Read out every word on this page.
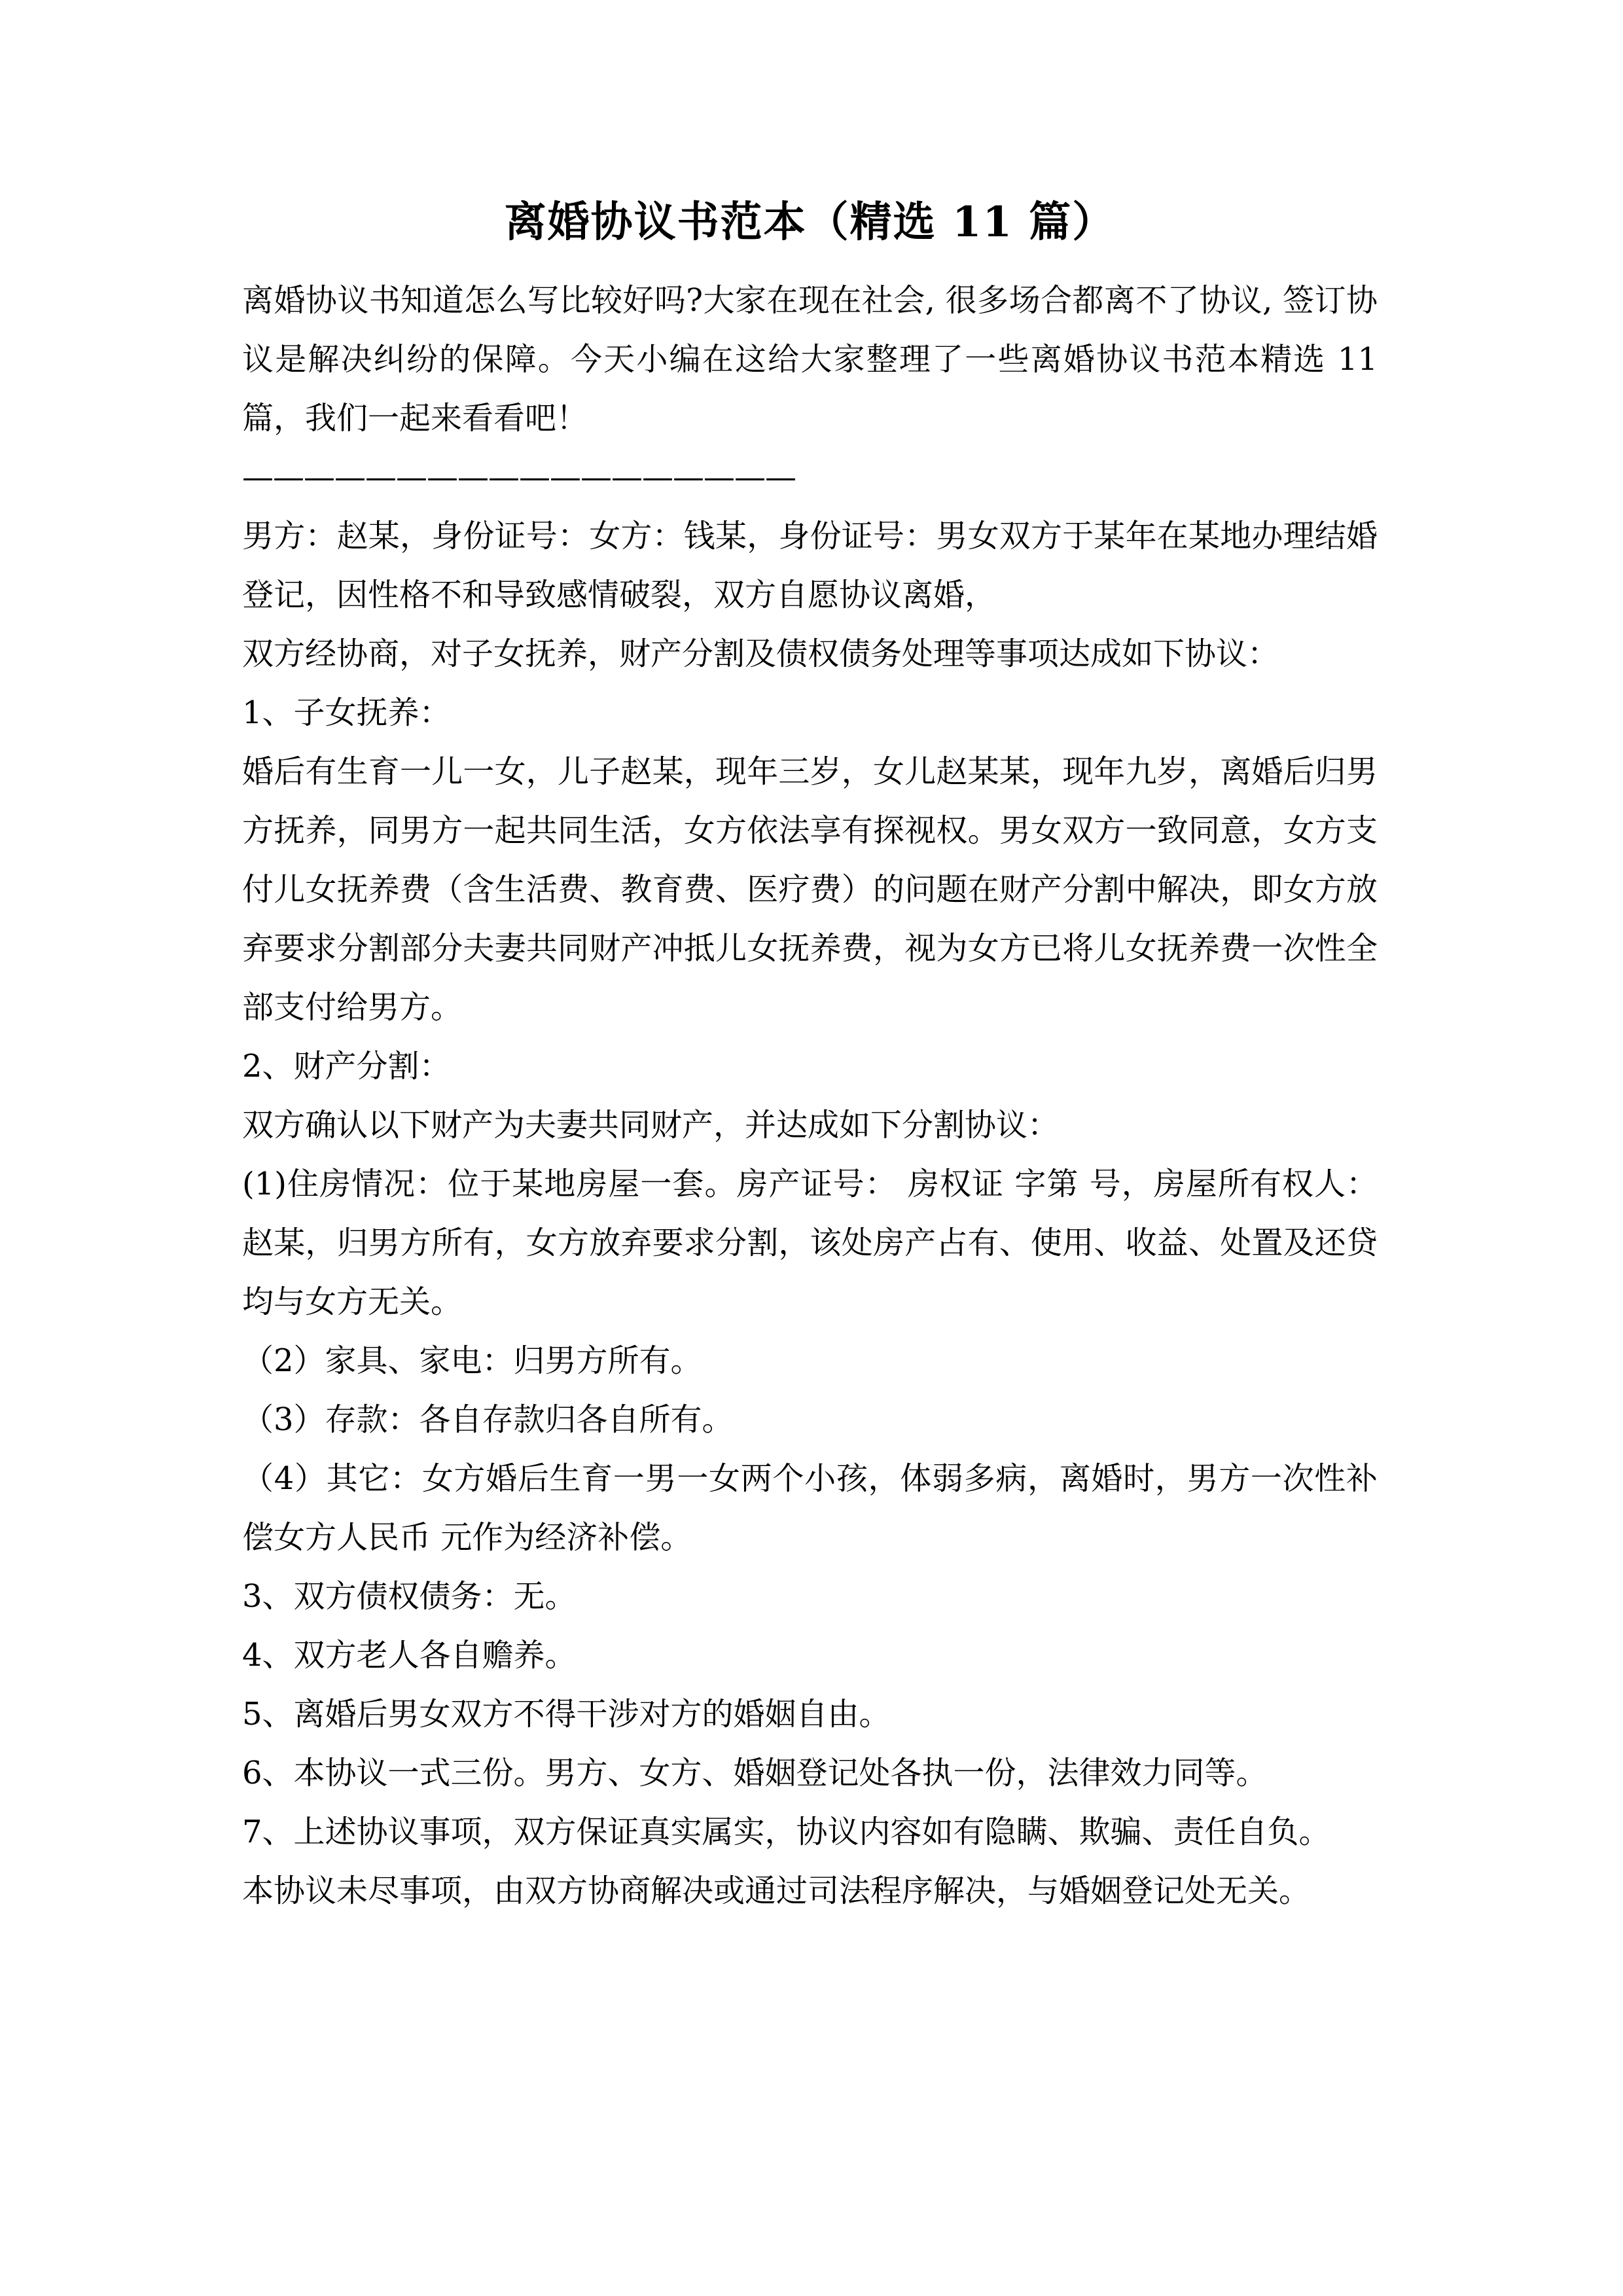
离婚协议书范本（精选 11 篇）

离婚协议书知道怎么写比较好吗?大家在现在社会, 很多场合都离不了协议, 签订协议是解决纠纷的保障。今天小编在这给大家整理了一些离婚协议书范本精选 11 篇，我们一起来看看吧！

——————————————————

男方：赵某，身份证号：女方：钱某，身份证号：男女双方于某年在某地办理结婚登记，因性格不和导致感情破裂，双方自愿协议离婚，

双方经协商，对子女抚养，财产分割及债权债务处理等事项达成如下协议：

1、子女抚养：

婚后有生育一儿一女，儿子赵某，现年三岁，女儿赵某某，现年九岁，离婚后归男方抚养，同男方一起共同生活，女方依法享有探视权。男女双方一致同意，女方支付儿女抚养费（含生活费、教育费、医疗费）的问题在财产分割中解决，即女方放弃要求分割部分夫妻共同财产冲抵儿女抚养费，视为女方已将儿女抚养费一次性全部支付给男方。

2、财产分割：

双方确认以下财产为夫妻共同财产，并达成如下分割协议：

(1)住房情况：位于某地房屋一套。房产证号： 房权证 字第 号，房屋所有权人：赵某，归男方所有，女方放弃要求分割，该处房产占有、使用、收益、处置及还贷均与女方无关。

（2）家具、家电：归男方所有。

（3）存款：各自存款归各自所有。

（4）其它：女方婚后生育一男一女两个小孩，体弱多病，离婚时，男方一次性补偿女方人民币 元作为经济补偿。

3、双方债权债务：无。

4、双方老人各自赡养。

5、离婚后男女双方不得干涉对方的婚姻自由。

6、本协议一式三份。男方、女方、婚姻登记处各执一份，法律效力同等。

7、上述协议事项，双方保证真实属实，协议内容如有隐瞒、欺骗、责任自负。

本协议未尽事项，由双方协商解决或通过司法程序解决，与婚姻登记处无关。
